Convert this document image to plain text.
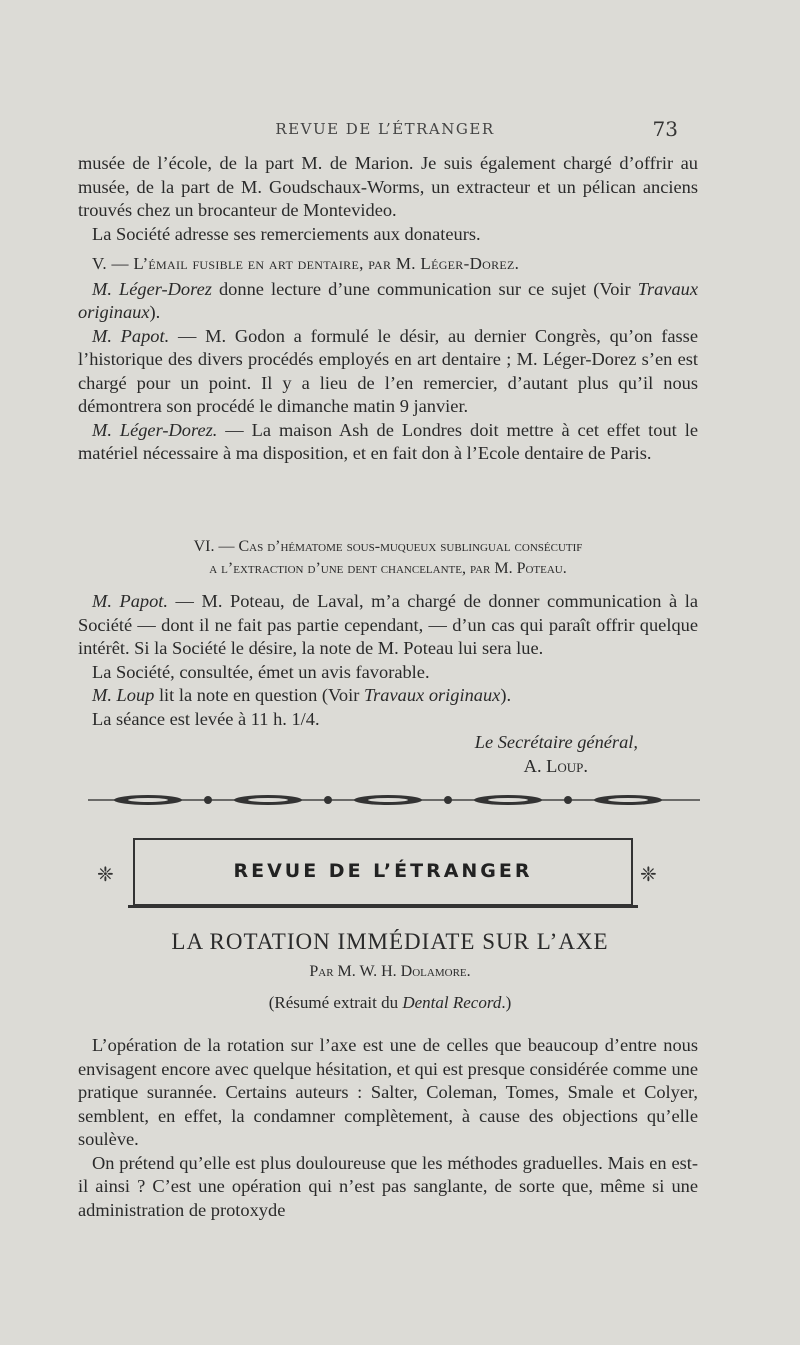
REVUE DE L’ÉTRANGER	73

musée de l’école, de la part M. de Marion. Je suis également chargé d’offrir au musée, de la part de M. Goudschaux-Worms, un extracteur et un pélican anciens trouvés chez un brocanteur de Montevideo.

La Société adresse ses remerciements aux donateurs.

V. — L’émail fusible en art dentaire, par M. Léger-Dorez.

M. Léger-Dorez donne lecture d’une communication sur ce sujet (Voir Travaux originaux).

M. Papot. — M. Godon a formulé le désir, au dernier Congrès, qu’on fasse l’historique des divers procédés employés en art dentaire ; M. Léger-Dorez s’en est chargé pour un point. Il y a lieu de l’en remercier, d’autant plus qu’il nous démontrera son procédé le dimanche matin 9 janvier.

M. Léger-Dorez. — La maison Ash de Londres doit mettre à cet effet tout le matériel nécessaire à ma disposition, et en fait don à l’Ecole dentaire de Paris.

VI. — Cas d’hématome sous-muqueux sublingual consécutif

a l’extraction d’une dent chancelante, par M. Poteau.

M. Papot. — M. Poteau, de Laval, m’a chargé de donner communication à la Société — dont il ne fait pas partie cependant, — d’un cas qui paraît offrir quelque intérêt. Si la Société le désire, la note de M. Poteau lui sera lue.

La Société, consultée, émet un avis favorable.

M. Loup lit la note en question (Voir Travaux originaux).

La séance est levée à 11 h. 1/4.

Le Secrétaire général,

A. Loup.

❈	❈
REVUE DE L’ÉTRANGER
LA ROTATION IMMÉDIATE SUR L’AXE
Par M. W. H. Dolamore.
(Résumé extrait du Dental Record.)

L’opération de la rotation sur l’axe est une de celles que beaucoup d’entre nous envisagent encore avec quelque hésitation, et qui est presque considérée comme une pratique surannée. Certains auteurs : Salter, Coleman, Tomes, Smale et Colyer, semblent, en effet, la condamner complètement, à cause des objections qu’elle soulève.

On prétend qu’elle est plus douloureuse que les méthodes graduelles. Mais en est-il ainsi ? C’est une opération qui n’est pas sanglante, de sorte que, même si une administration de protoxyde
